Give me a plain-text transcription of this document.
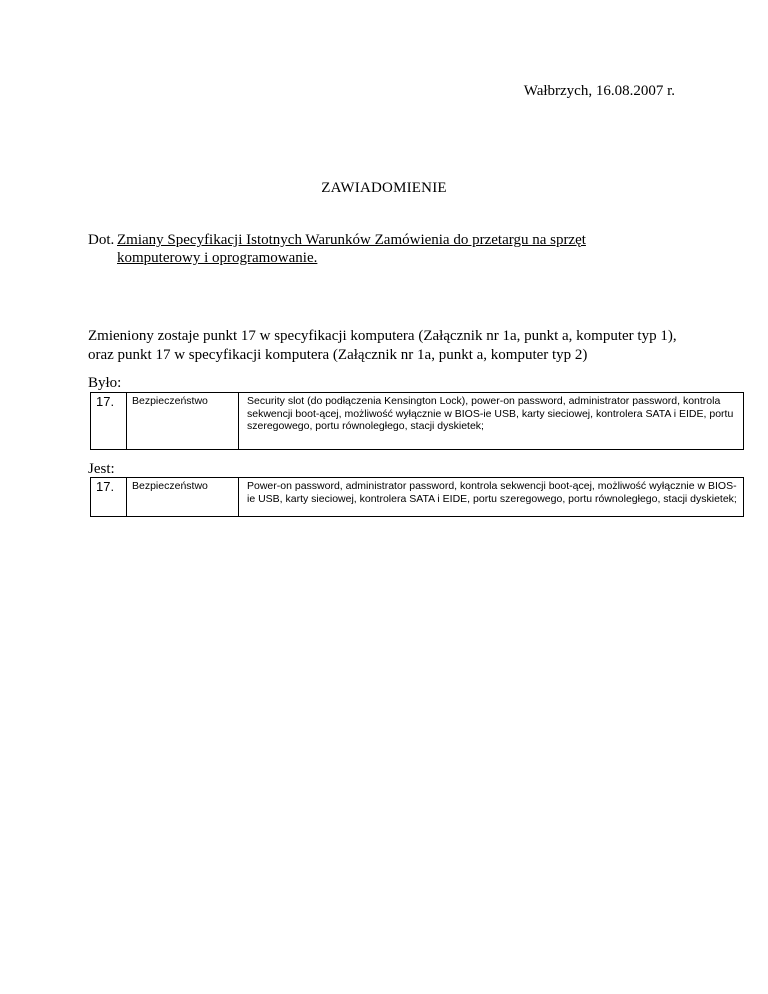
Wałbrzych, 16.08.2007 r.
ZAWIADOMIENIE
Dot. Zmiany Specyfikacji Istotnych Warunków Zamówienia do przetargu na sprzęt komputerowy i oprogramowanie.
Zmieniony zostaje punkt 17 w specyfikacji komputera (Załącznik nr 1a, punkt a, komputer typ 1), oraz punkt 17 w specyfikacji komputera (Załącznik nr 1a, punkt a, komputer typ 2)
Było:
17.	Bezpieczeństwo	Security slot (do podłączenia Kensington Lock), power-on password, administrator password, kontrola sekwencji boot-ącej, możliwość wyłącznie w BIOS-ie USB, karty sieciowej, kontrolera SATA i EIDE, portu szeregowego, portu równoległego, stacji dyskietek;
Jest:
17.	Bezpieczeństwo	Power-on password, administrator password, kontrola sekwencji boot-ącej, możliwość wyłącznie w BIOS-ie USB, karty sieciowej, kontrolera SATA i EIDE, portu szeregowego, portu równoległego, stacji dyskietek;
